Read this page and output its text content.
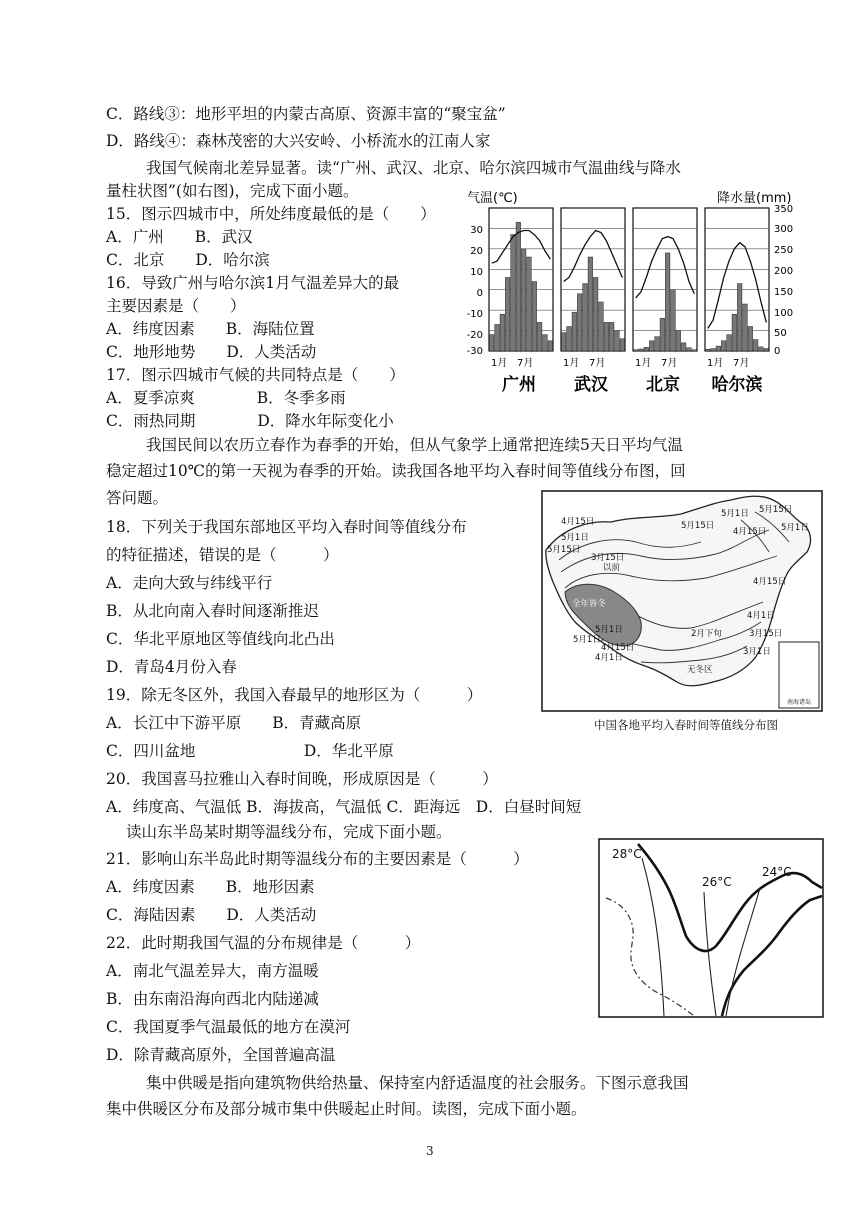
C．路线③：地形平坦的内蒙古高原、资源丰富的“聚宝盆”
D．路线④：森林茂密的大兴安岭、小桥流水的江南人家
我国气候南北差异显著。读“广州、武汉、北京、哈尔滨四城市气温曲线与降水
量柱状图”(如右图)，完成下面小题。
15．图示四城市中，所处纬度最低的是（　　）
A．广州　　B．武汉
C．北京　　D．哈尔滨
16．导致广州与哈尔滨1月气温差异大的最
主要因素是（　　）
A．纬度因素　　B．海陆位置
C．地形地势　　D．人类活动
17．图示四城市气候的共同特点是（　　）
A．夏季凉爽　　　　B．冬季多雨
C．雨热同期　　　　D．降水年际变化小
我国民间以农历立春作为春季的开始，但从气象学上通常把连续5天日平均气温
稳定超过10℃的第一天视为春季的开始。读我国各地平均入春时间等值线分布图，回
答问题。
18．下列关于我国东部地区平均入春时间等值线分布
的特征描述，错误的是（　　　）
A．走向大致与纬线平行
B．从北向南入春时间逐渐推迟
C．华北平原地区等值线向北凸出
D．青岛4月份入春
19．除无冬区外，我国入春最早的地形区为（　　　）
A．长江中下游平原　　B．青藏高原
C．四川盆地　　　　　　　D．华北平原
20．我国喜马拉雅山入春时间晚，形成原因是（　　　）
A．纬度高、气温低 B．海拔高，气温低 C．距海远　D．白昼时间短
读山东半岛某时期等温线分布，完成下面小题。
21．影响山东半岛此时期等温线分布的主要因素是（　　　）
A．纬度因素　　B．地形因素
C．海陆因素　　D．人类活动
22．此时期我国气温的分布规律是（　　　）
A．南北气温差异大，南方温暖
B．由东南沿海向西北内陆递减
C．我国夏季气温最低的地方在漠河
D．除青藏高原外，全国普遍高温
集中供暖是指向建筑物供给热量、保持室内舒适温度的社会服务。下图示意我国
集中供暖区分布及部分城市集中供暖起止时间。读图，完成下面小题。
3
气温(℃)	降水量(mm)
30
20
10
0
-10
-20
-30
350
300
250
200
150
100
50
0
1月 7月	1月 7月	1月 7月	1月 7月
广州 武汉 北京 哈尔滨
5月15日
5月1日
4月15日	5月15日
5月1日
4月15日
5月1日
5月15日
3月15日
以前
全年皆冬
4月15日
4月1日
3月15日
3月1日
2月下旬
5月1日
4月15日
4月1日
无冬区
5月1日
南海诸岛
中国各地平均入春时间等值线分布图
28°C
26°C
24°C
